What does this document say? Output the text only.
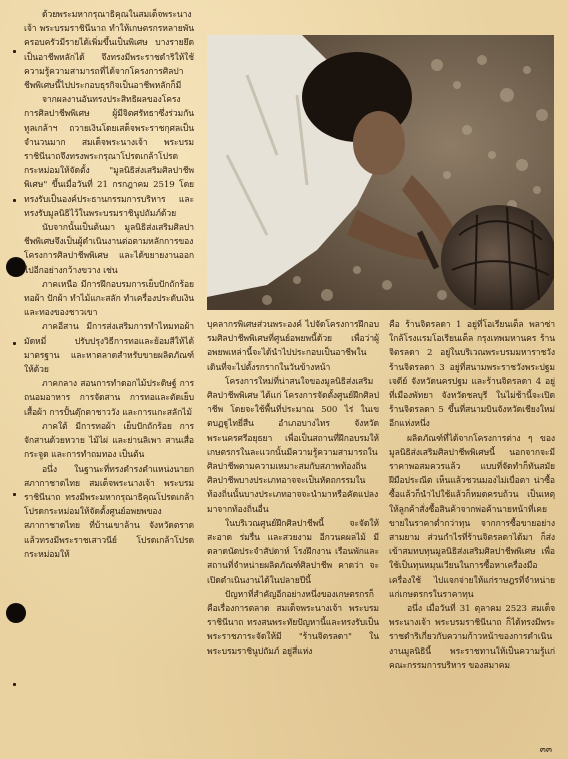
ด้วยพระมหากรุณาธิคุณในสมเด็จพระนางเจ้า พระบรมราชินีนาถ ทำให้เกษตรกรหลายพันครอบครัวมีรายได้เพิ่มขึ้นเป็นพิเศษ บางรายยึดเป็นอาชีพหลักได้ จึงทรงมีพระราชดำริให้ใช้ความรู้ความสามารถที่ได้จากโครงการศิลปาชีพพิเศษนี้ไปประกอบธุรกิจเป็นอาชีพหลักก็มี

จากผลงานอันทรงประสิทธิผลของโครงการศิลปาชีพพิเศษ ผู้มีจิตศรัทธาซึ่งร่วมกันทูลเกล้าฯ ถวายเงินโดยเสด็จพระราชกุศลเป็นจำนวนมาก สมเด็จพระนางเจ้า พระบรมราชินีนาถจึงทรงพระกรุณาโปรดเกล้าโปรดกระหม่อมให้จัดตั้ง "มูลนิธิส่งเสริมศิลปาชีพพิเศษ" ขึ้นเมื่อวันที่ 21 กรกฎาคม 2519 โดยทรงรับเป็นองค์ประธานกรรมการบริหาร และทรงรับมูลนิธิไว้ในพระบรมราชินูปถัมภ์ด้วย

นับจากนั้นเป็นต้นมา มูลนิธิส่งเสริมศิลปาชีพพิเศษจึงเป็นผู้ดำเนินงานต่อตามหลักการของโครงการศิลปาชีพพิเศษ และได้ขยายงานออกไปอีกอย่างกว้างขวาง เช่น

ภาคเหนือ มีการฝึกอบรมการเย็บปักถักร้อย ทอผ้า ปักผ้า ทำไม้แกะสลัก ทำเครื่องประดับเงินและทองของชาวเขา

ภาคอีสาน มีการส่งเสริมการทำไหมทอผ้ามัดหมี่ ปรับปรุงวิธีการทอและย้อมสีให้ได้มาตรฐาน และหาตลาดสำหรับขายผลิตภัณฑ์ให้ด้วย

ภาคกลาง สอนการทำดอกไม้ประดิษฐ์ การถนอมอาหาร การจัดสาน การทอและตัดเย็บเสื้อผ้า การปั้นตุ๊กตาชาววัง และการแกะสลักไม้

ภาคใต้ มีการทอผ้า เย็บปักถักร้อย การจักสานด้วยหวาย ไม้ไผ่ และย่านลิเพา สานเสื่อกระจูด และการทำถมทอง เป็นต้น

อนึ่ง ในฐานะที่ทรงดำรงตำแหน่งนายกสภากาชาดไทย สมเด็จพระนางเจ้า พระบรมราชินีนาถ ทรงมีพระมหากรุณาธิคุณโปรดเกล้าโปรดกระหม่อมให้จัดตั้งศูนย์อพยพของสภากาชาดไทย ที่บ้านเขาล้าน จังหวัดตราด แล้วทรงมีพระราชเสาวนีย์ โปรดเกล้าโปรดกระหม่อมให้

บุคลากรพิเศษส่วนพระองค์ ไปจัดโครงการฝึกอบรมศิลปาชีพพิเศษที่ศูนย์อพยพนี้ด้วย เพื่อว่าผู้อพยพเหล่านี้จะได้นำไปประกอบเป็นอาชีพในเดินที่จะไปตั้งรกรากในวันข้างหน้า

โครงการใหม่ที่น่าสนใจของมูลนิธิส่งเสริมศิลปาชีพพิเศษ ได้แก่ โครงการจัดตั้งศูนย์ฝึกศิลปาชีพ โดยจะใช้พื้นที่ประมาณ 500 ไร่ ในเขตบฏฐูไทยี่สืน อำเภอบางไทร จังหวัดพระนครศรีอยุธยา เพื่อเป็นสถานที่ฝึกอบรมให้เกษตรกรในละแวกนั้นมีความรู้ความสามารถในศิลปาชีพตามความเหมาะสมกับสภาพท้องถิ่น ศิลปาชีพบางประเภทอาจจะเป็นหัตถกรรมในท้องถิ่นนั้นบางประเภทอาจจะนำมาหรือคัดแปลงมาจากท้องถิ่นอื่น

ในบริเวณศูนย์ฝึกศิลปาชีพนี้ จะจัดให้สะอาด ร่มรื่น และสวยงาม อีกวนคผลไม้ มีตลาดนัดประจำสัปดาห์ โรงฝึกงาน เรือนพักและสถานที่จำหน่ายผลิตภัณฑ์ศิลปาชีพ คาดว่า จะเปิดดำเนินงานได้ในปลายปีนี้

ปัญหาที่สำคัญอีกอย่างหนึ่งของเกษตรกรก็คือเรื่องการตลาด สมเด็จพระนางเจ้า พระบรมราชินีนาถ ทรงสนพระทัยปัญหานี้และทรงรับเป็นพระราชภาระจัดให้มี "ร้านจิตรลดา" ในพระบรมราชินูปถัมภ์ อยู่สี่แห่ง

คือ ร้านจิตรลดา 1 อยู่ที่โอเรียนเต็ล พลาซ่า ใกล้โรงแรมโอเรียนเต็ล กรุงเทพมหานคร ร้านจิตรลดา 2 อยู่ในบริเวณพระบรมมหาราชวัง ร้านจิตรลดา 3 อยู่ที่สนามพระราชวังพระปฐมเจดีย์ จังหวัดนครปฐม และร้านจิตรลดา 4 อยู่ที่เมืองพัทยา จังหวัดชลบุรี ในไม่ช้านี้จะเปิดร้านจิตรลดา 5 ขึ้นที่สนามบินจังหวัดเชียงใหม่อีกแห่งหนึ่ง

ผลิตภัณฑ์ที่ได้จากโครงการต่าง ๆ ของมูลนิธิส่งเสริมศิลปาชีพพิเศษนี้ นอกจากจะมีราคาพอสมควรแล้ว แบบที่จัดทำก็ทันสมัย ฝีมือประณีต เห็นแล้วชวนมองไม่เบื่อตา น่าซื้อ ซื้อแล้วก็นำไปใช้แล้วก็หมดครบถ้วน เป็นเหตุให้ลูกค้าสั่งซื้อสินค้าจากพ่อค้านายหน้าที่เคยขายในราคาต่ำกว่าทุน จากการซื้อขายอย่างสามยาม ส่วนกำไรที่ร้านจิตรลดาได้มา ก็ส่งเข้าสมทบทุนมูลนิธิส่งเสริมศิลปาชีพพิเศษ เพื่อใช้เป็นทุนหมุนเวียนในการซื้อหาเครื่องมือเครื่องใช้ ไปแจกจ่ายให้แก่ราษฎรที่จำหน่ายแก่เกษตรกรในราคาทุน

อนึ่ง เมื่อวันที่ 31 ตุลาคม 2523 สมเด็จพระนางเจ้า พระบรมราชินีนาถ ก็ได้ทรงมีพระราชดำริเกี่ยวกับความก้าวหน้าของการดำเนินงานมูลนิธินี้ พระราชทานให้เป็นความรู้แก่คณะกรรมการบริหาร ของสมาคม

๓๓
